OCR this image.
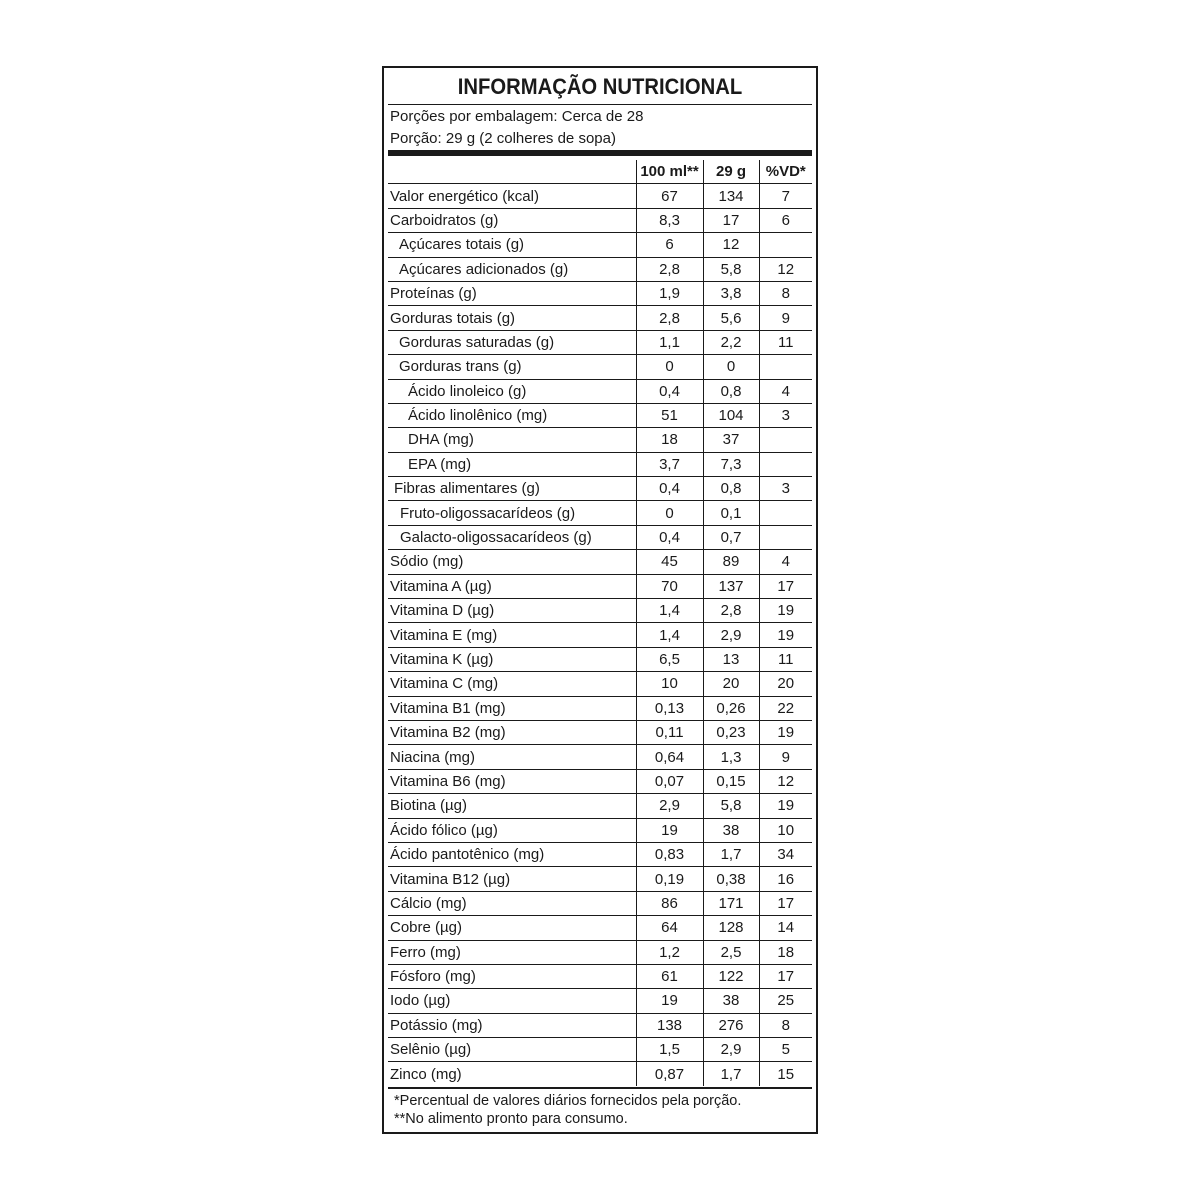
INFORMAÇÃO NUTRICIONAL
Porções por embalagem: Cerca de 28
Porção: 29 g (2 colheres de sopa)
	100 ml**	29 g	%VD*
Valor energético (kcal)	67	134	7
Carboidratos (g)	8,3	17	6
Açúcares totais (g)	6	12	
Açúcares adicionados (g)	2,8	5,8	12
Proteínas (g)	1,9	3,8	8
Gorduras totais (g)	2,8	5,6	9
Gorduras saturadas (g)	1,1	2,2	11
Gorduras trans (g)	0	0	
Ácido linoleico (g)	0,4	0,8	4
Ácido linolênico (mg)	51	104	3
DHA (mg)	18	37	
EPA (mg)	3,7	7,3	
Fibras alimentares (g)	0,4	0,8	3
Fruto-oligossacarídeos (g)	0	0,1	
Galacto-oligossacarídeos (g)	0,4	0,7	
Sódio (mg)	45	89	4
Vitamina A (µg)	70	137	17
Vitamina D (µg)	1,4	2,8	19
Vitamina E (mg)	1,4	2,9	19
Vitamina K (µg)	6,5	13	11
Vitamina C (mg)	10	20	20
Vitamina B1 (mg)	0,13	0,26	22
Vitamina B2 (mg)	0,11	0,23	19
Niacina (mg)	0,64	1,3	9
Vitamina B6 (mg)	0,07	0,15	12
Biotina (µg)	2,9	5,8	19
Ácido fólico (µg)	19	38	10
Ácido pantotênico (mg)	0,83	1,7	34
Vitamina B12 (µg)	0,19	0,38	16
Cálcio (mg)	86	171	17
Cobre (µg)	64	128	14
Ferro (mg)	1,2	2,5	18
Fósforo (mg)	61	122	17
Iodo (µg)	19	38	25
Potássio (mg)	138	276	8
Selênio (µg)	1,5	2,9	5
Zinco (mg)	0,87	1,7	15
*Percentual de valores diários fornecidos pela porção.
**No alimento pronto para consumo.
